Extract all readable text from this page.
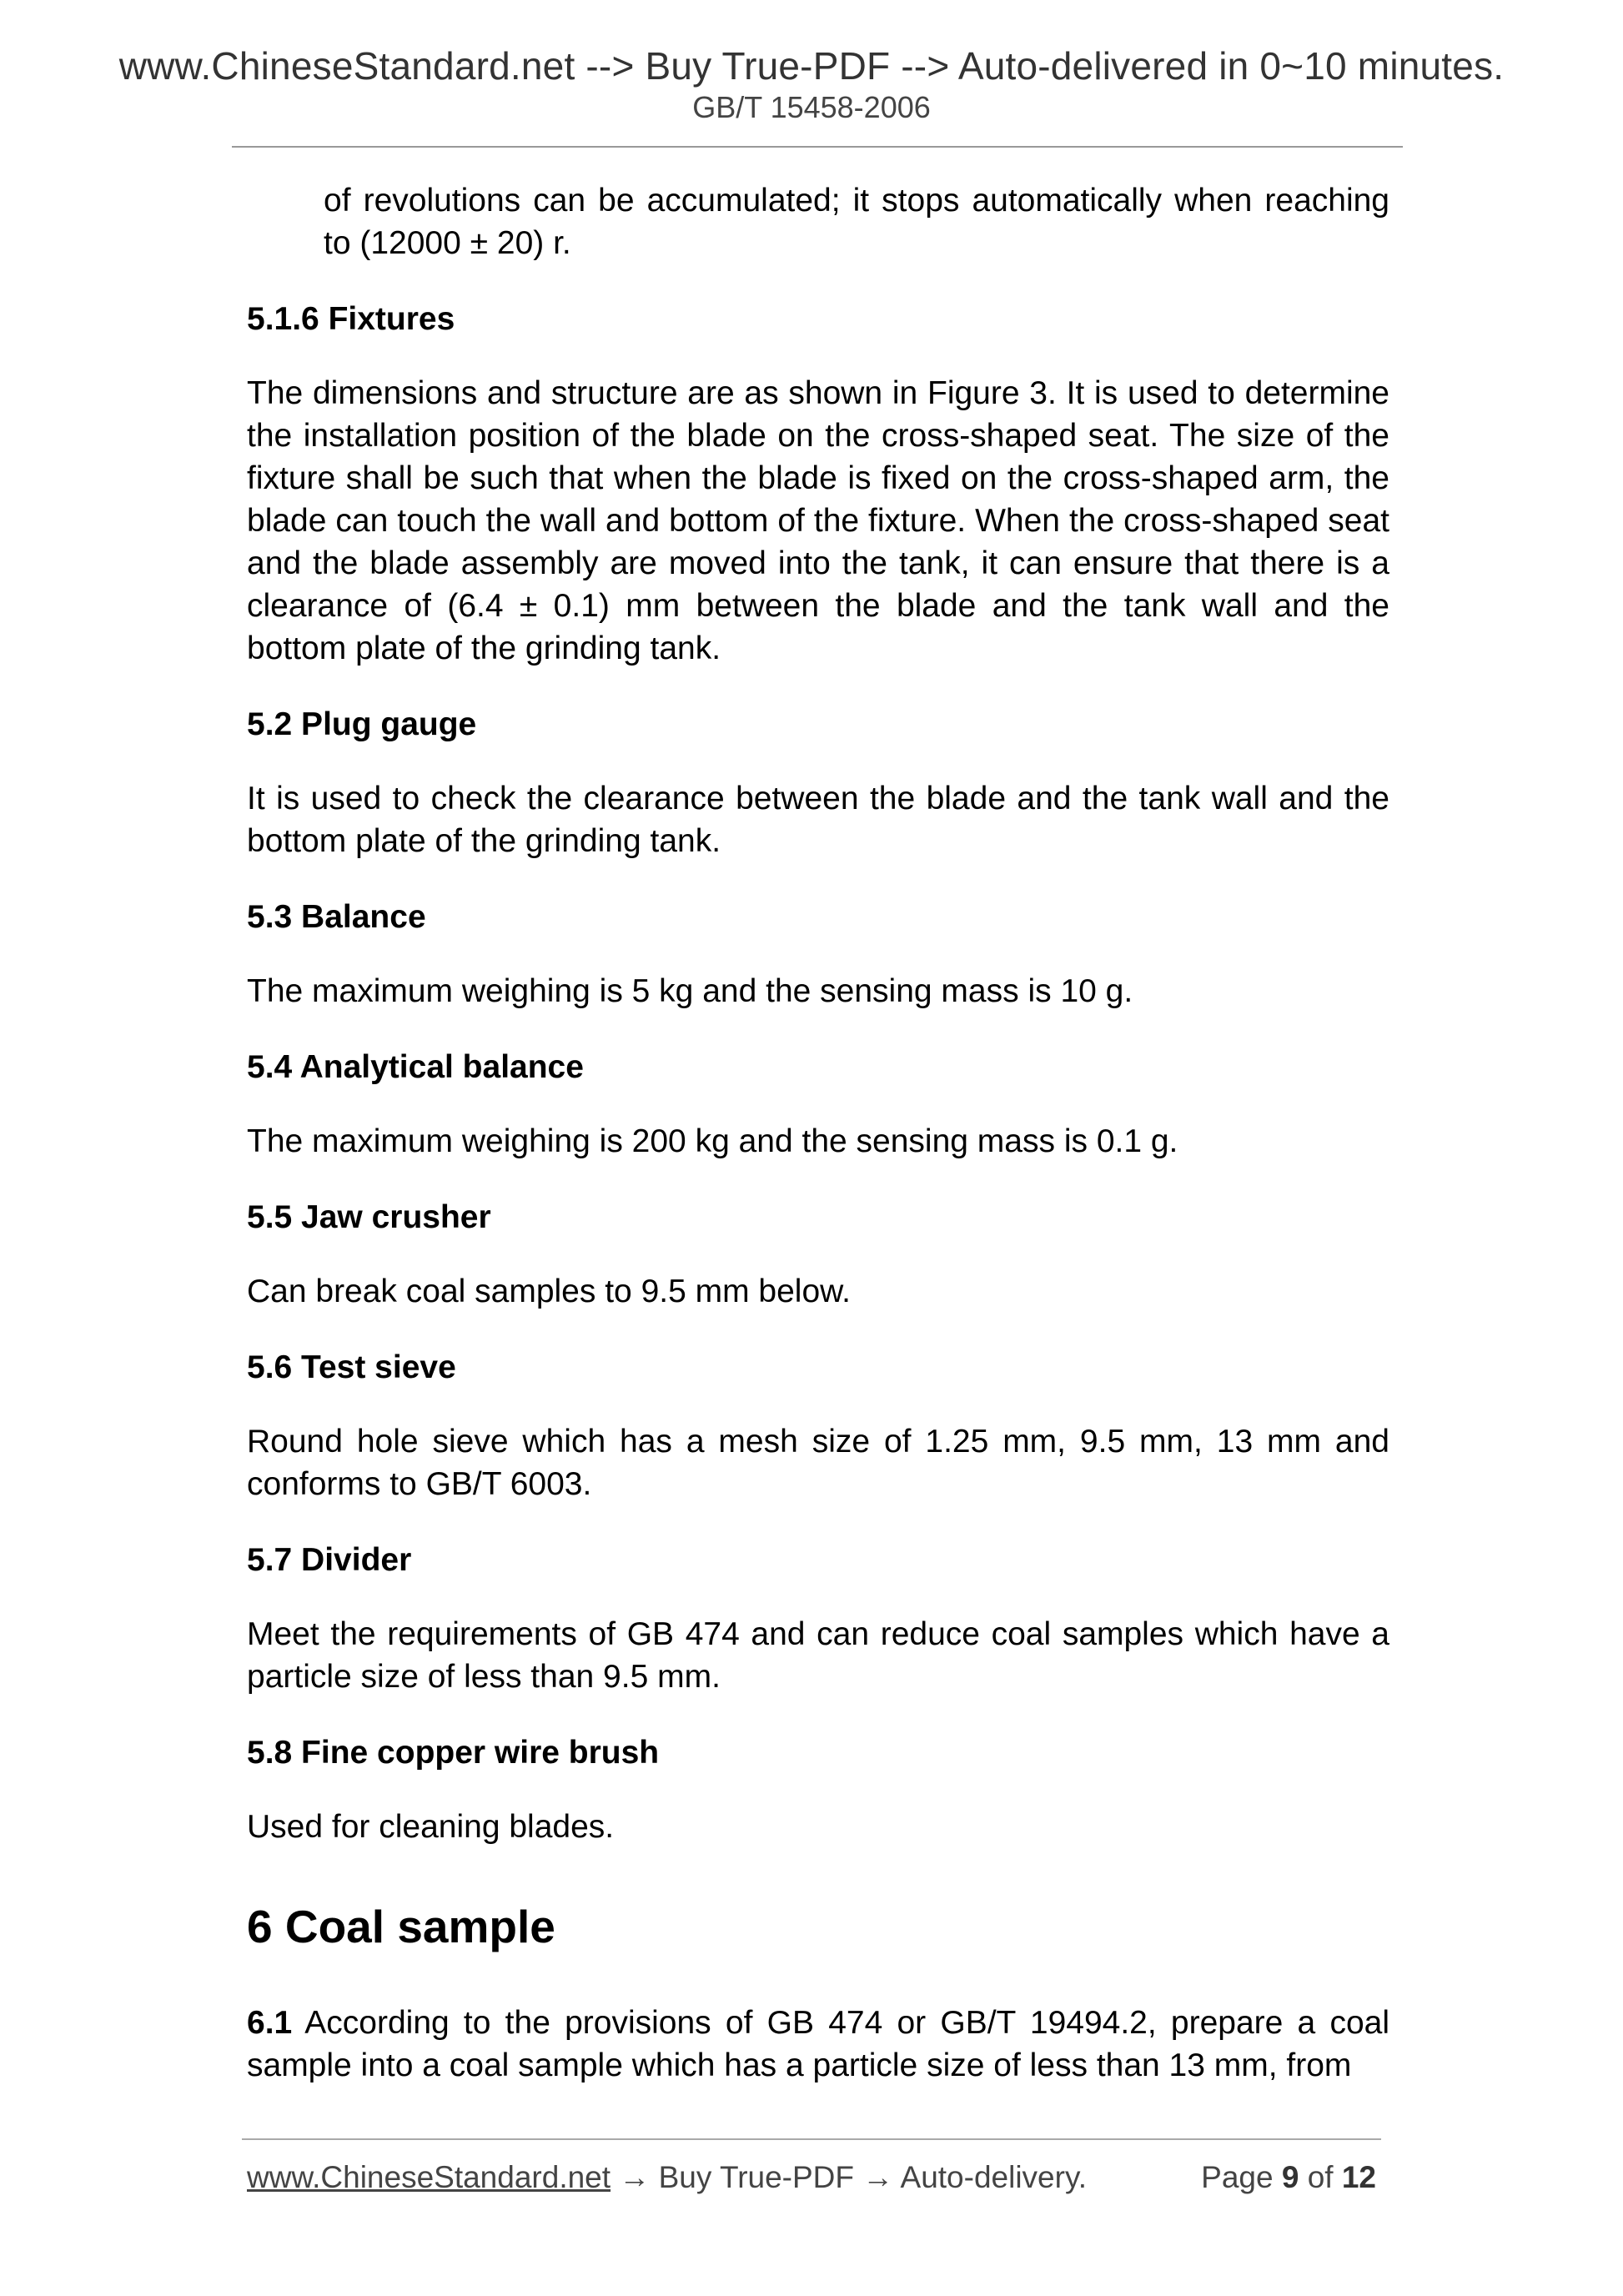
www.ChineseStandard.net --> Buy True-PDF --> Auto-delivered in 0~10 minutes.
GB/T 15458-2006

of revolutions can be accumulated; it stops automatically when reaching to (12000 ± 20) r.

5.1.6 Fixtures

The dimensions and structure are as shown in Figure 3. It is used to determine the installation position of the blade on the cross-shaped seat. The size of the fixture shall be such that when the blade is fixed on the cross-shaped arm, the blade can touch the wall and bottom of the fixture. When the cross-shaped seat and the blade assembly are moved into the tank, it can ensure that there is a clearance of (6.4 ± 0.1) mm between the blade and the tank wall and the bottom plate of the grinding tank.

5.2 Plug gauge

It is used to check the clearance between the blade and the tank wall and the bottom plate of the grinding tank.

5.3 Balance

The maximum weighing is 5 kg and the sensing mass is 10 g.

5.4 Analytical balance

The maximum weighing is 200 kg and the sensing mass is 0.1 g.

5.5 Jaw crusher

Can break coal samples to 9.5 mm below.

5.6 Test sieve

Round hole sieve which has a mesh size of 1.25 mm, 9.5 mm, 13 mm and conforms to GB/T 6003.

5.7 Divider

Meet the requirements of GB 474 and can reduce coal samples which have a particle size of less than 9.5 mm.

5.8 Fine copper wire brush

Used for cleaning blades.

6 Coal sample

6.1 According to the provisions of GB 474 or GB/T 19494.2, prepare a coal sample into a coal sample which has a particle size of less than 13 mm, from

www.ChineseStandard.net → Buy True-PDF → Auto-delivery.	Page 9 of 12
